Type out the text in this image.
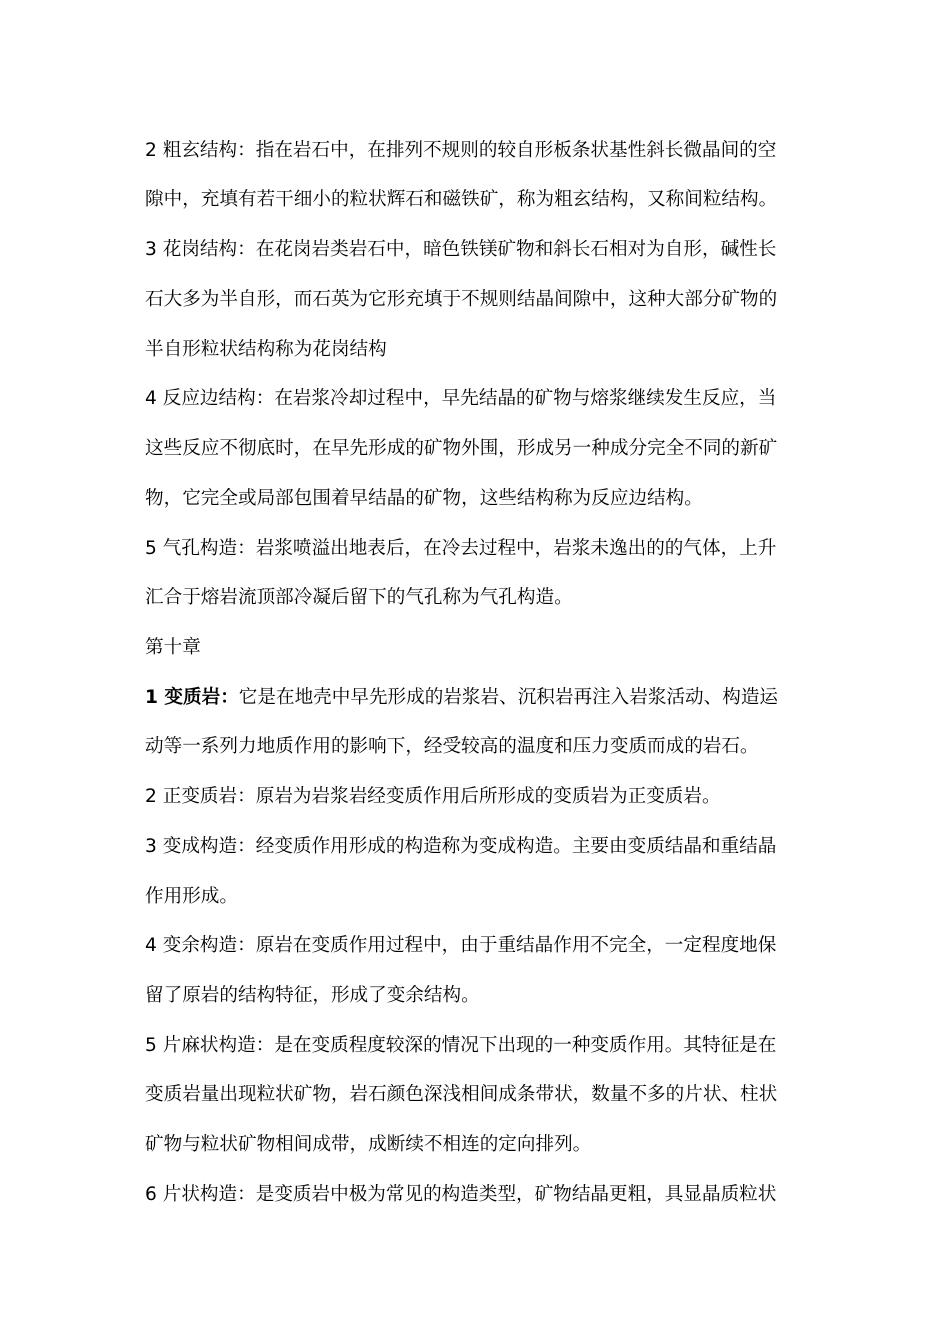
2 粗玄结构：指在岩石中，在排列不规则的较自形板条状基性斜长微晶间的空
隙中，充填有若干细小的粒状辉石和磁铁矿，称为粗玄结构，又称间粒结构。
3 花岗结构：在花岗岩类岩石中，暗色铁镁矿物和斜长石相对为自形，碱性长
石大多为半自形，而石英为它形充填于不规则结晶间隙中，这种大部分矿物的
半自形粒状结构称为花岗结构
4 反应边结构：在岩浆冷却过程中，早先结晶的矿物与熔浆继续发生反应，当
这些反应不彻底时，在早先形成的矿物外围，形成另一种成分完全不同的新矿
物，它完全或局部包围着早结晶的矿物，这些结构称为反应边结构。
5 气孔构造：岩浆喷溢出地表后，在冷去过程中，岩浆未逸出的的气体，上升
汇合于熔岩流顶部冷凝后留下的气孔称为气孔构造。
第十章
1 变质岩：它是在地壳中早先形成的岩浆岩、沉积岩再注入岩浆活动、构造运
动等一系列力地质作用的影响下，经受较高的温度和压力变质而成的岩石。
2 正变质岩：原岩为岩浆岩经变质作用后所形成的变质岩为正变质岩。
3 变成构造：经变质作用形成的构造称为变成构造。主要由变质结晶和重结晶
作用形成。
4 变余构造：原岩在变质作用过程中，由于重结晶作用不完全，一定程度地保
留了原岩的结构特征，形成了变余结构。
5 片麻状构造：是在变质程度较深的情况下出现的一种变质作用。其特征是在
变质岩量出现粒状矿物，岩石颜色深浅相间成条带状，数量不多的片状、柱状
矿物与粒状矿物相间成带，成断续不相连的定向排列。
6 片状构造：是变质岩中极为常见的构造类型，矿物结晶更粗，具显晶质粒状
